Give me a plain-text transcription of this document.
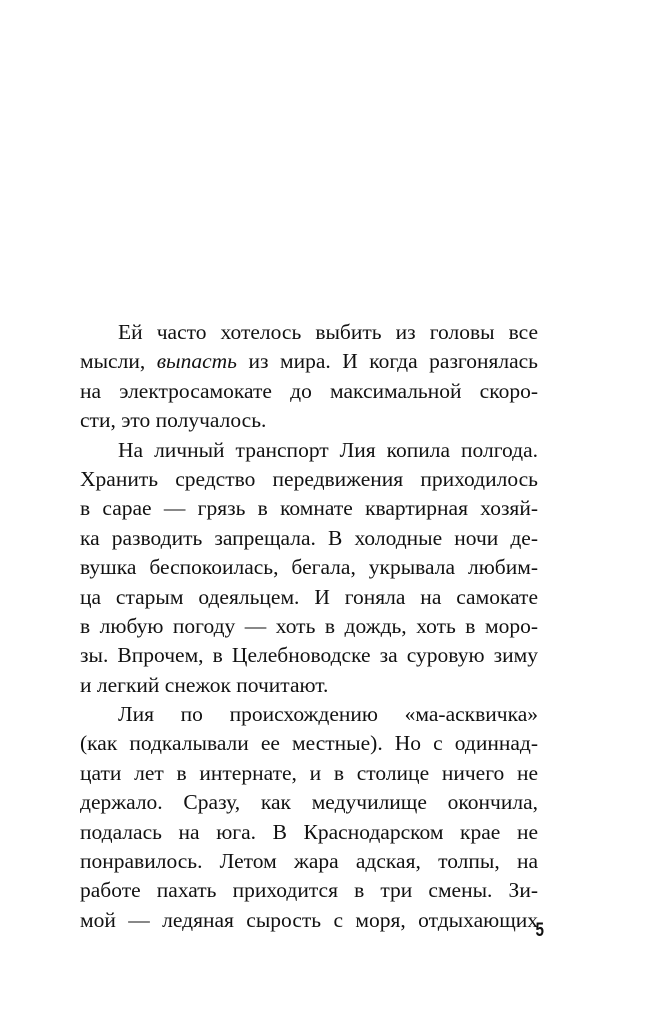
Ей часто хотелось выбить из головы все
мысли, выпасть из мира. И когда разгонялась
на электросамокате до максимальной скоро-
сти, это получалось.
На личный транспорт Лия копила полгода.
Хранить средство передвижения приходилось
в сарае — грязь в комнате квартирная хозяй-
ка разводить запрещала. В холодные ночи де-
вушка беспокоилась, бегала, укрывала любим-
ца старым одеяльцем. И гоняла на самокате
в любую погоду — хоть в дождь, хоть в моро-
зы. Впрочем, в Целебноводске за суровую зиму
и легкий снежок почитают.
Лия по происхождению «ма-асквичка»
(как подкалывали ее местные). Но с одиннад-
цати лет в интернате, и в столице ничего не
держало. Сразу, как медучилище окончила,
подалась на юга. В Краснодарском крае не
понравилось. Летом жара адская, толпы, на
работе пахать приходится в три смены. Зи-
мой — ледяная сырость с моря, отдыхающих
5
